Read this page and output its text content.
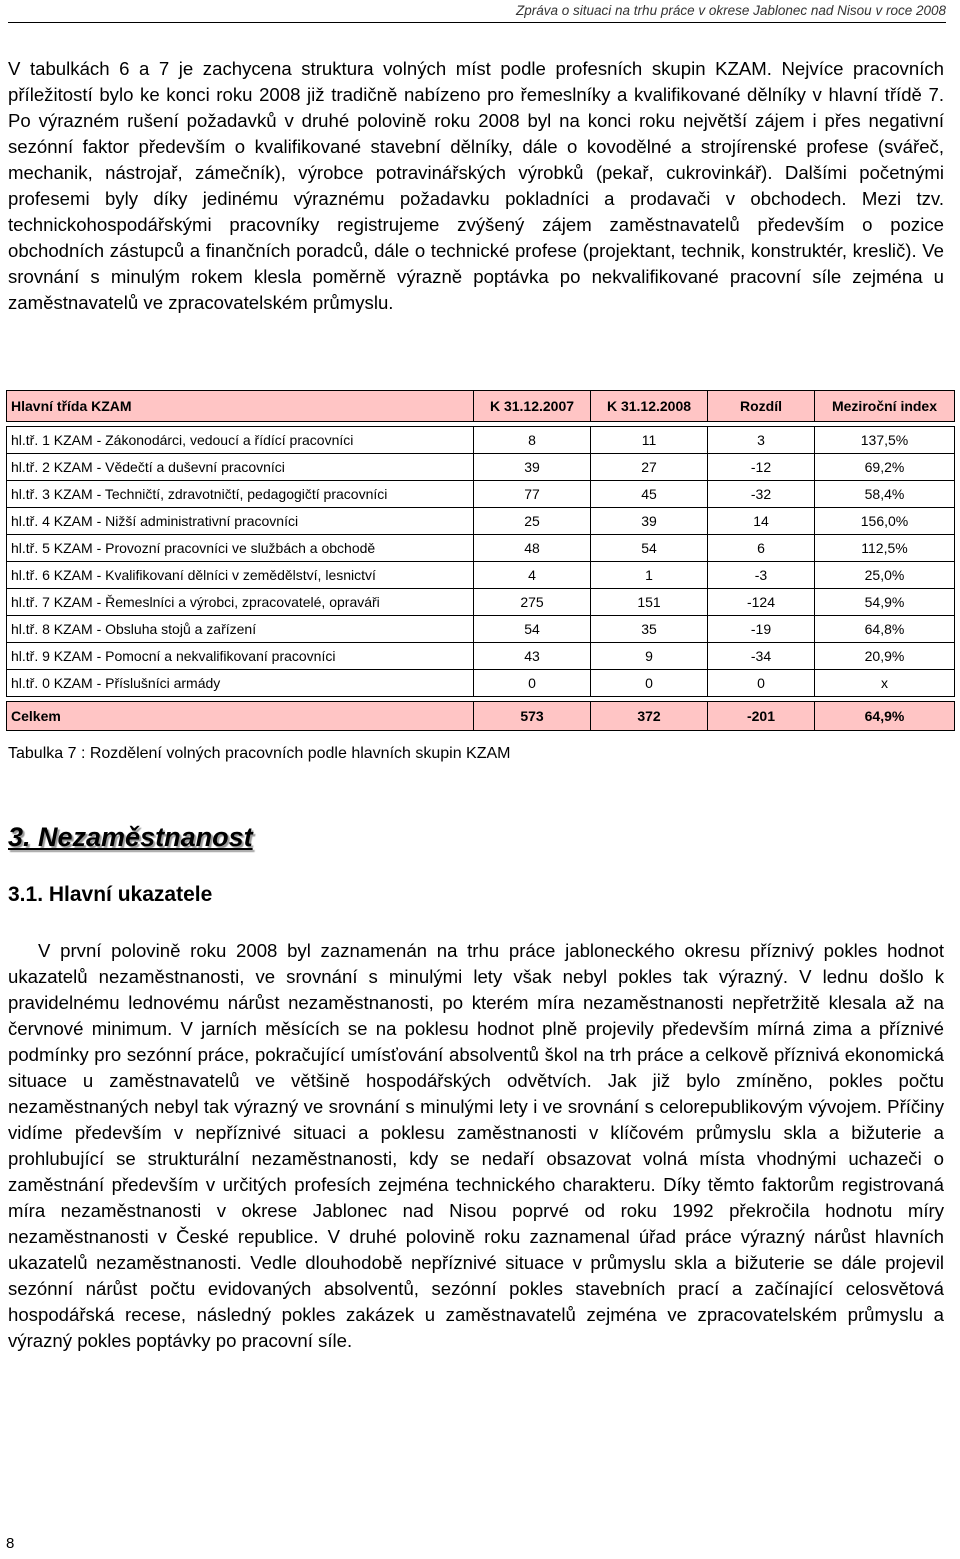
Zpráva o situaci na trhu práce v okrese Jablonec nad Nisou v roce 2008

V tabulkách 6 a 7 je zachycena struktura volných míst podle profesních skupin KZAM. Nejvíce pracovních příležitostí bylo ke konci roku 2008 již tradičně nabízeno pro řemeslníky a kvalifikované dělníky v hlavní třídě 7. Po výrazném rušení požadavků v druhé polovině roku 2008 byl na konci roku největší zájem i přes negativní sezónní faktor především o kvalifikované stavební dělníky, dále o kovodělné a strojírenské profese (svářeč, mechanik, nástrojař, zámečník), výrobce potravinářských výrobků (pekař, cukrovinkář). Dalšími početnými profesemi byly díky jedinému výraznému požadavku pokladníci a prodavači v obchodech. Mezi tzv. technickohospodářskými pracovníky registrujeme zvýšený zájem zaměstnavatelů především o pozice obchodních zástupců a finančních poradců, dále o technické profese (projektant, technik, konstruktér, kreslič). Ve srovnání s minulým rokem klesla poměrně výrazně poptávka po nekvalifikované pracovní síle zejména u zaměstnavatelů ve zpracovatelském průmyslu.

Hlavní třída KZAM	K 31.12.2007	K 31.12.2008	Rozdíl	Meziroční index

hl.tř. 1 KZAM - Zákonodárci, vedoucí a řídící pracovníci	8	11	3	137,5%
hl.tř. 2 KZAM - Vědečtí a duševní pracovníci	39	27	-12	69,2%
hl.tř. 3 KZAM - Techničtí, zdravotničtí, pedagogičtí pracovníci	77	45	-32	58,4%
hl.tř. 4 KZAM - Nižší administrativní pracovníci	25	39	14	156,0%
hl.tř. 5 KZAM - Provozní pracovníci ve službách a obchodě	48	54	6	112,5%
hl.tř. 6 KZAM - Kvalifikovaní dělníci v zemědělství, lesnictví	4	1	-3	25,0%
hl.tř. 7 KZAM - Řemeslníci a výrobci, zpracovatelé, opraváři	275	151	-124	54,9%
hl.tř. 8 KZAM - Obsluha stojů a zařízení	54	35	-19	64,8%
hl.tř. 9 KZAM - Pomocní a nekvalifikovaní pracovníci	43	9	-34	20,9%
hl.tř. 0 KZAM - Příslušníci armády	0	0	0	x

Celkem	573	372	-201	64,9%
Tabulka 7 : Rozdělení volných pracovních podle hlavních skupin KZAM
3. Nezaměstnanost
3.1. Hlavní ukazatele

V první polovině roku 2008 byl zaznamenán na trhu práce jabloneckého okresu příznivý pokles hodnot ukazatelů nezaměstnanosti, ve srovnání s minulými lety však nebyl pokles tak výrazný. V lednu došlo k pravidelnému lednovému nárůst nezaměstnanosti, po kterém míra nezaměstnanosti nepřetržitě klesala až na červnové minimum. V jarních měsících se na poklesu hodnot plně projevily především mírná zima a příznivé podmínky pro sezónní práce, pokračující umísťování absolventů škol na trh práce a celkově příznivá ekonomická situace u zaměstnavatelů ve většině hospodářských odvětvích. Jak již bylo zmíněno, pokles počtu nezaměstnaných nebyl tak výrazný ve srovnání s minulými lety i ve srovnání s celorepublikovým vývojem. Příčiny vidíme především v nepříznivé situaci a poklesu zaměstnanosti v klíčovém průmyslu skla a bižuterie a prohlubující se strukturální nezaměstnanosti, kdy se nedaří obsazovat volná místa vhodnými uchazeči o zaměstnání především v určitých profesích zejména technického charakteru. Díky těmto faktorům registrovaná míra nezaměstnanosti v okrese Jablonec nad Nisou poprvé od roku 1992 překročila hodnotu míry nezaměstnanosti v České republice. V druhé polovině roku zaznamenal úřad práce výrazný nárůst hlavních ukazatelů nezaměstnanosti. Vedle dlouhodobě nepříznivé situace v průmyslu skla a bižuterie se dále projevil sezónní nárůst počtu evidovaných absolventů, sezónní pokles stavebních prací a začínající celosvětová hospodářská recese, následný pokles zakázek u zaměstnavatelů zejména ve zpracovatelském průmyslu a výrazný pokles poptávky po pracovní síle.

8
